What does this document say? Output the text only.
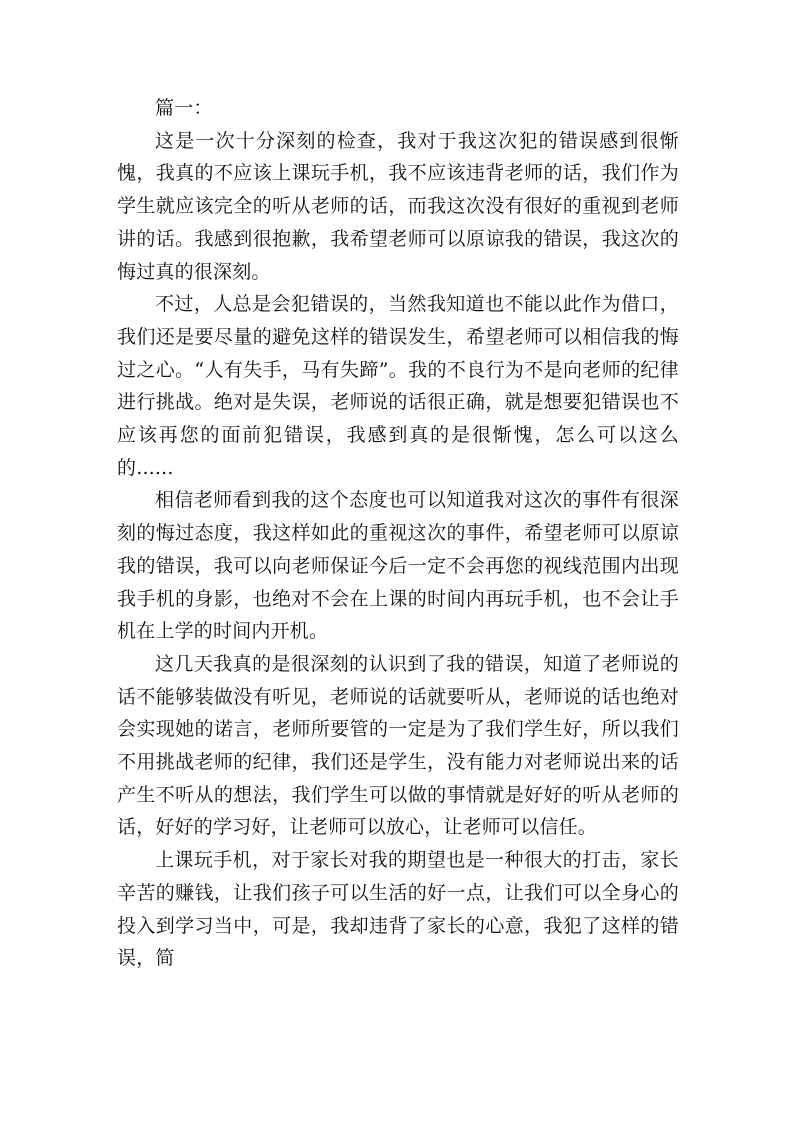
篇一：

这是一次十分深刻的检查，我对于我这次犯的错误感到很惭愧，我真的不应该上课玩手机，我不应该违背老师的话，我们作为学生就应该完全的听从老师的话，而我这次没有很好的重视到老师讲的话。我感到很抱歉，我希望老师可以原谅我的错误，我这次的悔过真的很深刻。

不过，人总是会犯错误的，当然我知道也不能以此作为借口，我们还是要尽量的避免这样的错误发生，希望老师可以相信我的悔过之心。“人有失手，马有失蹄”。我的不良行为不是向老师的纪律进行挑战。绝对是失误，老师说的话很正确，就是想要犯错误也不应该再您的面前犯错误，我感到真的是很惭愧，怎么可以这么的......

相信老师看到我的这个态度也可以知道我对这次的事件有很深刻的悔过态度，我这样如此的重视这次的事件，希望老师可以原谅我的错误，我可以向老师保证今后一定不会再您的视线范围内出现我手机的身影，也绝对不会在上课的时间内再玩手机，也不会让手机在上学的时间内开机。

这几天我真的是很深刻的认识到了我的错误，知道了老师说的话不能够装做没有听见，老师说的话就要听从，老师说的话也绝对会实现她的诺言，老师所要管的一定是为了我们学生好，所以我们不用挑战老师的纪律，我们还是学生，没有能力对老师说出来的话产生不听从的想法，我们学生可以做的事情就是好好的听从老师的话，好好的学习好，让老师可以放心，让老师可以信任。

上课玩手机，对于家长对我的期望也是一种很大的打击，家长辛苦的赚钱，让我们孩子可以生活的好一点，让我们可以全身心的投入到学习当中，可是，我却违背了家长的心意，我犯了这样的错误，简
